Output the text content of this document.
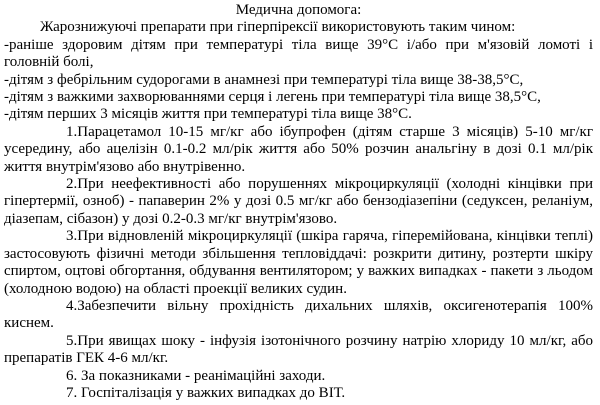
Медична допомога:

Жарознижуючі препарати при гіперпірексії використовують таким чином:

-раніше здоровим дітям при температурі тіла вище 39°С і/або при м'язовій ломоті і головній болі,

-дітям з фебрільним судорогами в анамнезі при температурі тіла вище 38-38,5°С,

-дітям з важкими захворюваннями серця і легень при температурі тіла вище 38,5°С,

-дітям перших 3 місяців життя при температурі тіла вище 38°С.

1.Парацетамол 10-15 мг/кг або ібупрофен (дітям старше 3 місяців) 5-10 мг/кг усередину, або ацелізін 0.1-0.2 мл/рік життя або 50% розчин анальгіну в дозі 0.1 мл/рік життя внутрім'язово або внутрівенно.

2.При неефективності або порушеннях мікроциркуляції (холодні кінцівки при гіпертермії, озноб) - папаверин 2% у дозі 0.5 мг/кг або бензодіазепіни (седуксен, реланіум, діазепам, сібазон) у дозі 0.2-0.3 мг/кг внутрім'язово.

3.При відновленій мікроциркуляції (шкіра гаряча, гіперемійована, кінцівки теплі) застосовують фізичні методи збільшення тепловіддачі: розкрити дитину, розтерти шкіру спиртом, оцтові обгортання, обдування вентилятором; у важких випадках - пакети з льодом (холодною водою) на області проекції великих судин.

4.Забезпечити вільну прохідність дихальних шляхів, оксигенотерапія 100% киснем.

5.При явищах шоку - інфузія ізотонічного розчину натрію хлориду 10 мл/кг, або препаратів ГЕК 4-6 мл/кг.

6. За показниками - реанімаційні заходи.

7. Госпіталізація у важких випадках до ВІТ.
